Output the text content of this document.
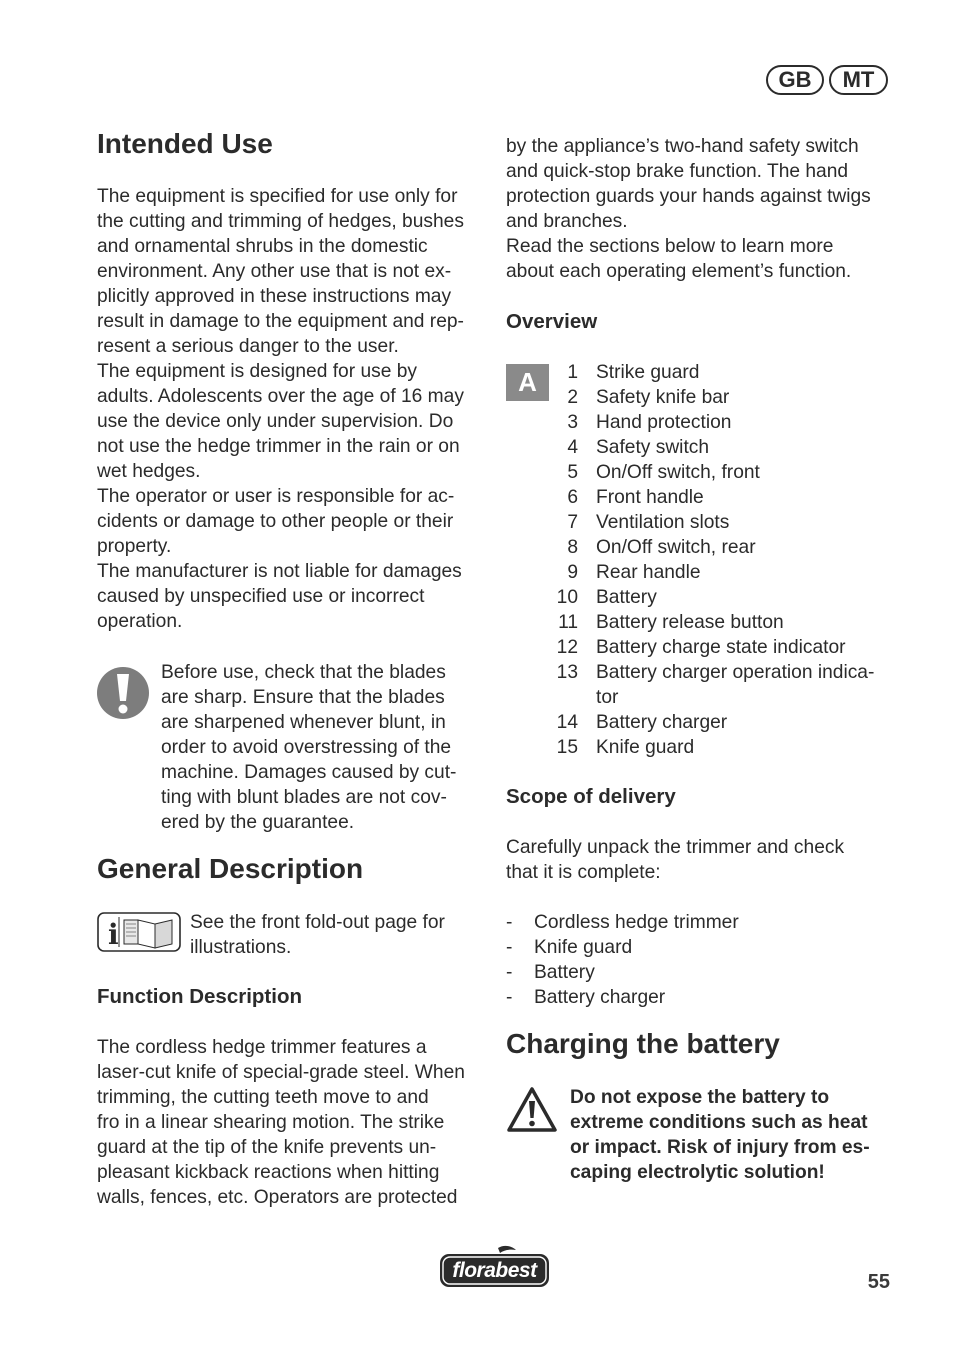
GB	MT
Intended Use

The equipment is specified for use only for

the cutting and trimming of hedges, bushes

and ornamental shrubs in the domestic

environment. Any other use that is not ex-

plicitly approved in these instructions may

result in damage to the equipment and rep-

resent a serious danger to the user.

The equipment is designed for use by

adults. Adolescents over the age of 16 may

use the device only under supervision. Do

not use the hedge trimmer in the rain or on

wet hedges.

The operator or user is responsible for ac-

cidents or damage to other people or their

property.

The manufacturer is not liable for damages

caused by unspecified use or incorrect

operation.

Before use, check that the blades

are sharp. Ensure that the blades

are sharpened whenever blunt, in

order to avoid overstressing of the

machine. Damages caused by cut-

ting with blunt blades are not cov-

ered by the guarantee.

General Description
i	See the front fold-out page for

illustrations.

Function Description

The cordless hedge trimmer features a

laser-cut knife of special-grade steel. When

trimming, the cutting teeth move to and

fro in a linear shearing motion. The strike

guard at the tip of the knife prevents un-

pleasant kickback reactions when hitting

walls, fences, etc. Operators are protected

by the appliance’s two-hand safety switch

and quick-stop brake function. The hand

protection guards your hands against twigs

and branches.

Read the sections below to learn more

about each operating element’s function.

Overview
A	1 Strike guard
2 Safety knife bar
3 Hand protection
4 Safety switch
5 On/Off switch, front
6 Front handle
7 Ventilation slots
8 On/Off switch, rear
9 Rear handle
10 Battery
11 Battery release button
12 Battery charge state indicator
13 Battery charger operation indica-
tor
14 Battery charger
15 Knife guard
Scope of delivery

Carefully unpack the trimmer and check

that it is complete:

- Cordless hedge trimmer
- Knife guard
- Battery
- Battery charger
Charging the battery

Do not expose the battery to

extreme conditions such as heat

or impact. Risk of injury from es-

caping electrolytic solution!

florabest	55
